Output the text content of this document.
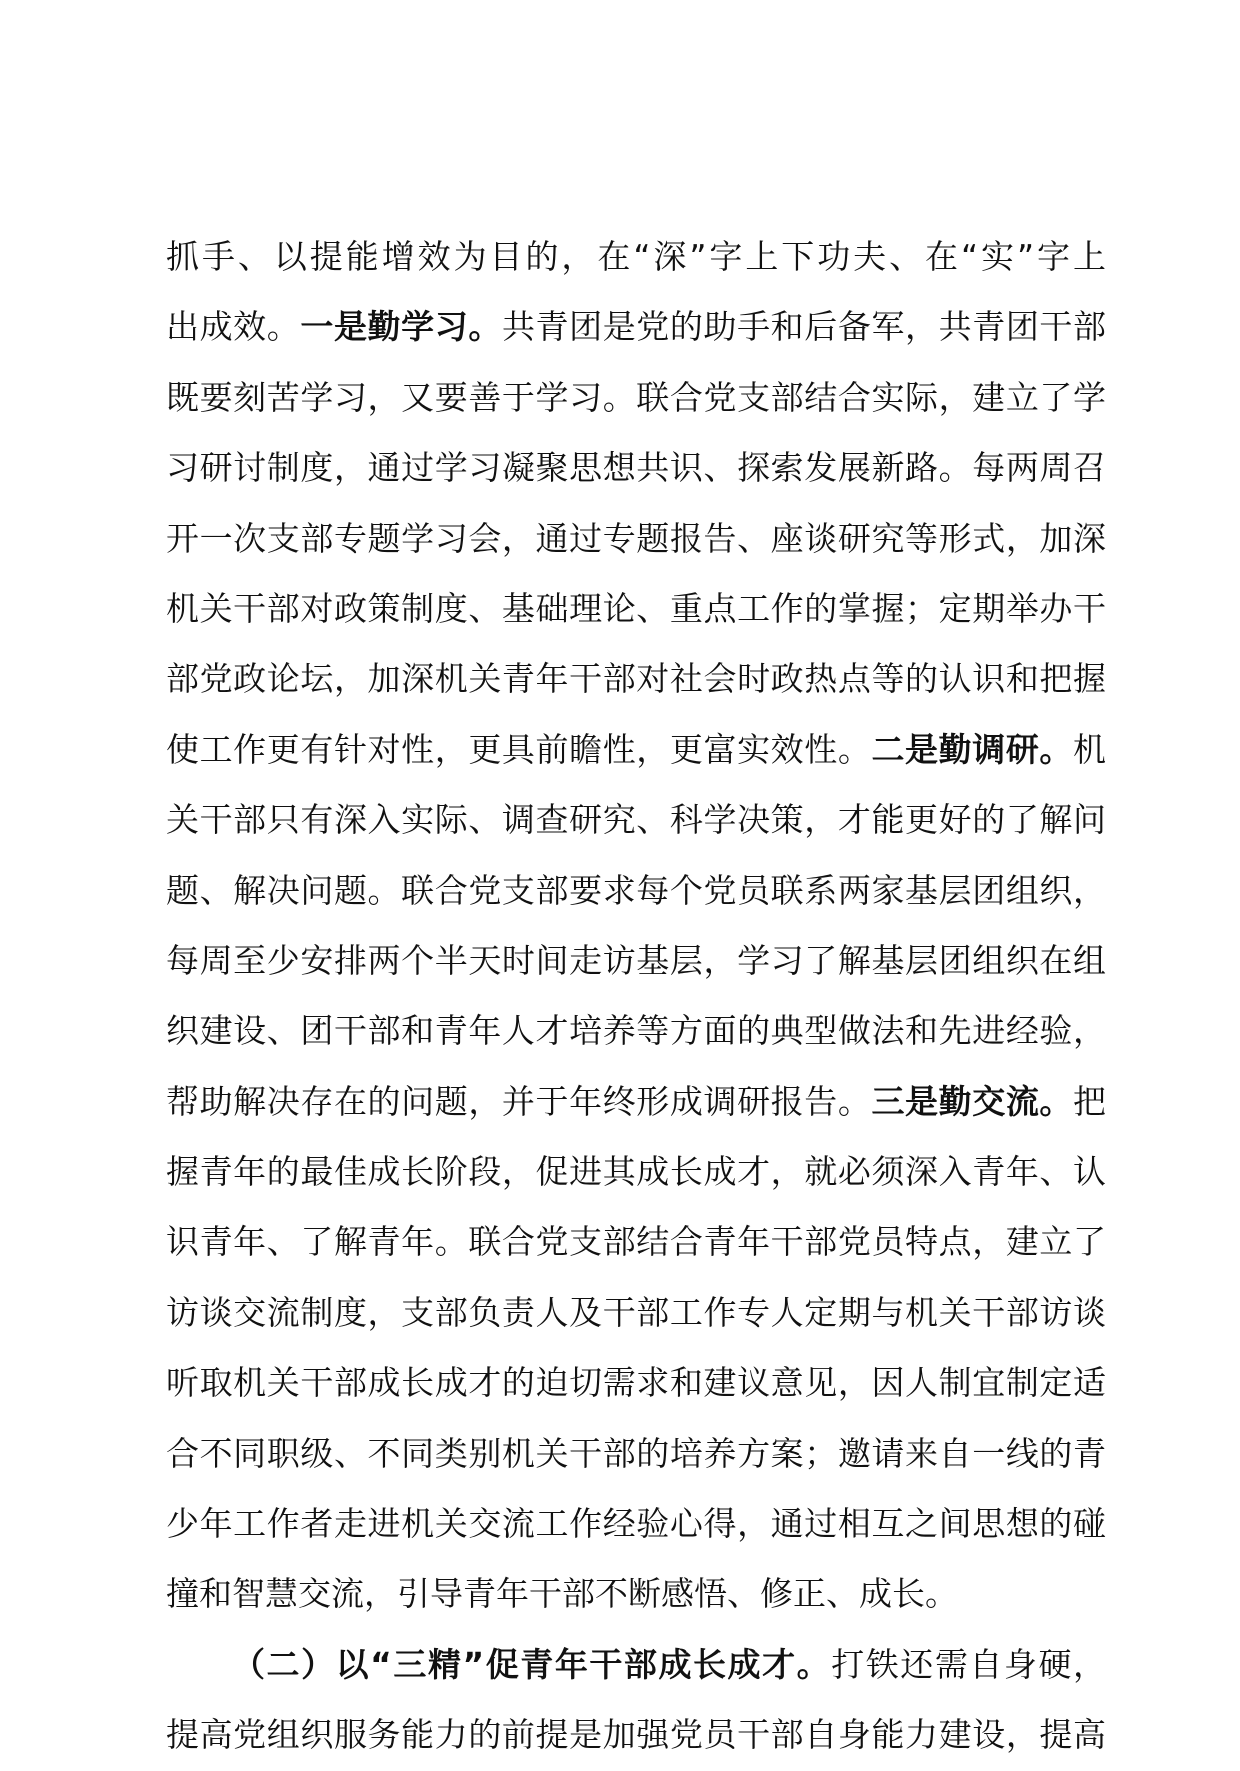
抓手、以提能增效为目的，在“深”字上下功夫、在“实”字上
出成效。一是勤学习。共青团是党的助手和后备军，共青团干部
既要刻苦学习，又要善于学习。联合党支部结合实际，建立了学
习研讨制度，通过学习凝聚思想共识、探索发展新路。每两周召
开一次支部专题学习会，通过专题报告、座谈研究等形式，加深
机关干部对政策制度、基础理论、重点工作的掌握；定期举办干
部党政论坛，加深机关青年干部对社会时政热点等的认识和把握
使工作更有针对性，更具前瞻性，更富实效性。二是勤调研。机
关干部只有深入实际、调查研究、科学决策，才能更好的了解问
题、解决问题。联合党支部要求每个党员联系两家基层团组织，
每周至少安排两个半天时间走访基层，学习了解基层团组织在组
织建设、团干部和青年人才培养等方面的典型做法和先进经验，
帮助解决存在的问题，并于年终形成调研报告。三是勤交流。把
握青年的最佳成长阶段，促进其成长成才，就必须深入青年、认
识青年、了解青年。联合党支部结合青年干部党员特点，建立了
访谈交流制度，支部负责人及干部工作专人定期与机关干部访谈
听取机关干部成长成才的迫切需求和建议意见，因人制宜制定适
合不同职级、不同类别机关干部的培养方案；邀请来自一线的青
少年工作者走进机关交流工作经验心得，通过相互之间思想的碰
撞和智慧交流，引导青年干部不断感悟、修正、成长。
（二）以“三精”促青年干部成长成才。打铁还需自身硬，
提高党组织服务能力的前提是加强党员干部自身能力建设，提高
